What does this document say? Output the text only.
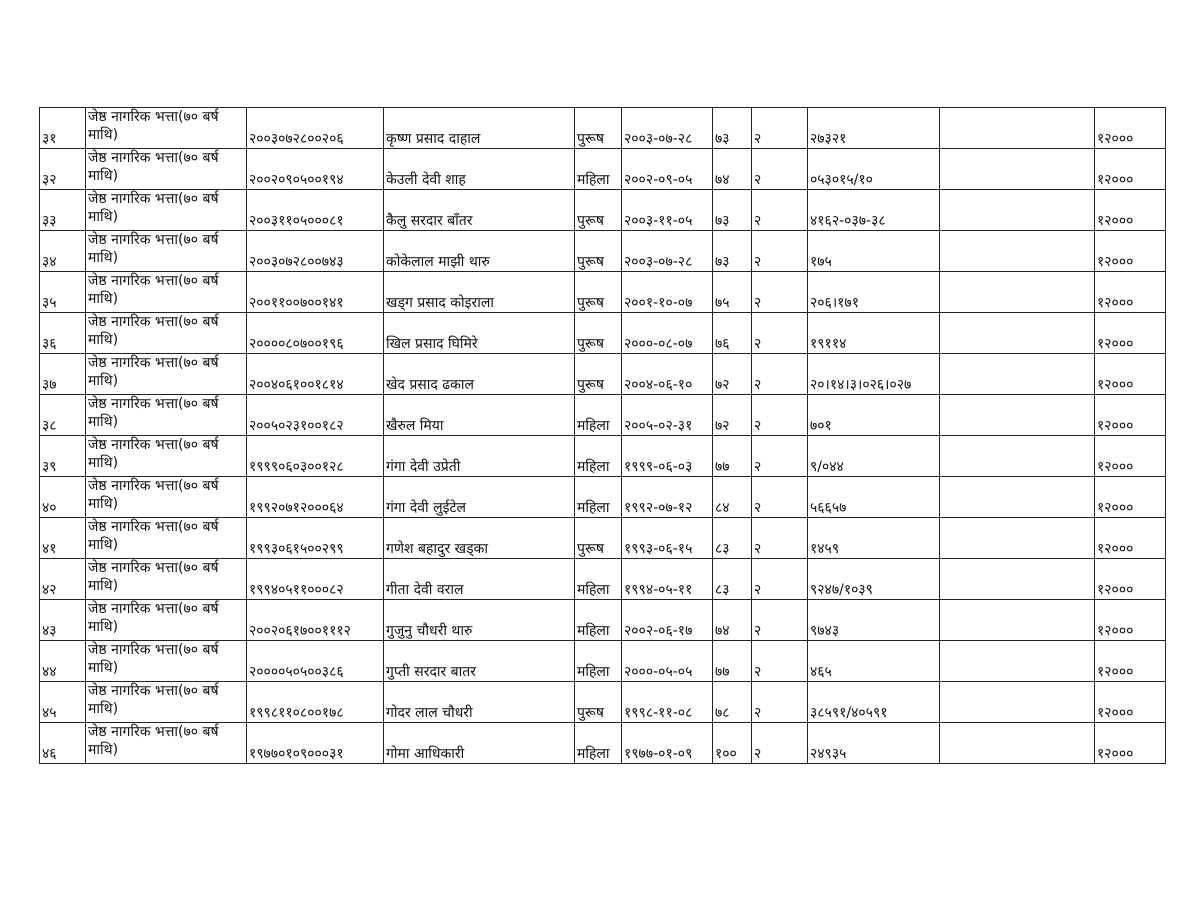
३१	जेष्ठ नागरिक भत्ता(७० बर्ष माथि)	२००३०७२८००२०६	कृष्ण प्रसाद दाहाल	पुरूष	२००३-०७-२८	७३	२	२७३२१		१२०००
३२	जेष्ठ नागरिक भत्ता(७० बर्ष माथि)	२००२०९०५००१९४	केउली देवी शाह	महिला	२००२-०९-०५	७४	२	०५३०१५/१०		१२०००
३३	जेष्ठ नागरिक भत्ता(७० बर्ष माथि)	२००३११०५०००८१	कैलु सरदार बाँतर	पुरूष	२००३-११-०५	७३	२	४१६२-०३७-३८		१२०००
३४	जेष्ठ नागरिक भत्ता(७० बर्ष माथि)	२००३०७२८००७४३	कोकेलाल माझी थारु	पुरूष	२००३-०७-२८	७३	२	१७५		१२०००
३५	जेष्ठ नागरिक भत्ता(७० बर्ष माथि)	२००११००७००१४१	खड्ग प्रसाद कोइराला	पुरूष	२००१-१०-०७	७५	२	२०६।१७१		१२०००
३६	जेष्ठ नागरिक भत्ता(७० बर्ष माथि)	२००००८०७००१९६	खिल प्रसाद घिमिरे	पुरूष	२०००-०८-०७	७६	२	१९११४		१२०००
३७	जेष्ठ नागरिक भत्ता(७० बर्ष माथि)	२००४०६१००१८१४	खेद प्रसाद ढकाल	पुरूष	२००४-०६-१०	७२	२	२०।१४।३।०२६।०२७		१२०००
३८	जेष्ठ नागरिक भत्ता(७० बर्ष माथि)	२००५०२३१००१८२	खैरुल मिया	महिला	२००५-०२-३१	७२	२	७०१		१२०००
३९	जेष्ठ नागरिक भत्ता(७० बर्ष माथि)	१९९९०६०३००१२८	गंगा देवी उप्रेती	महिला	१९९९-०६-०३	७७	२	९/०४४		१२०००
४०	जेष्ठ नागरिक भत्ता(७० बर्ष माथि)	१९९२०७१२०००६४	गंगा देवी लुईटेल	महिला	१९९२-०७-१२	८४	२	५६६५७		१२०००
४१	जेष्ठ नागरिक भत्ता(७० बर्ष माथि)	१९९३०६१५००२९९	गणेश बहादुर खड्का	पुरूष	१९९३-०६-१५	८३	२	१४५९		१२०००
४२	जेष्ठ नागरिक भत्ता(७० बर्ष माथि)	१९९४०५११०००८२	गीता देवी वराल	महिला	१९९४-०५-११	८३	२	९२४७/१०३९		१२०००
४३	जेष्ठ नागरिक भत्ता(७० बर्ष माथि)	२००२०६१७००१११२	गुजुनु चौधरी थारु	महिला	२००२-०६-१७	७४	२	९७४३		१२०००
४४	जेष्ठ नागरिक भत्ता(७० बर्ष माथि)	२००००५०५००३८६	गुप्ती सरदार बातर	महिला	२०००-०५-०५	७७	२	४६५		१२०००
४५	जेष्ठ नागरिक भत्ता(७० बर्ष माथि)	१९९८११०८००१७८	गोदर लाल चौधरी	पुरूष	१९९८-११-०८	७८	२	३८५९१/४०५९१		१२०००
४६	जेष्ठ नागरिक भत्ता(७० बर्ष माथि)	१९७७०१०९०००३१	गोमा आधिकारी	महिला	१९७७-०१-०९	१००	२	२४९३५		१२०००
